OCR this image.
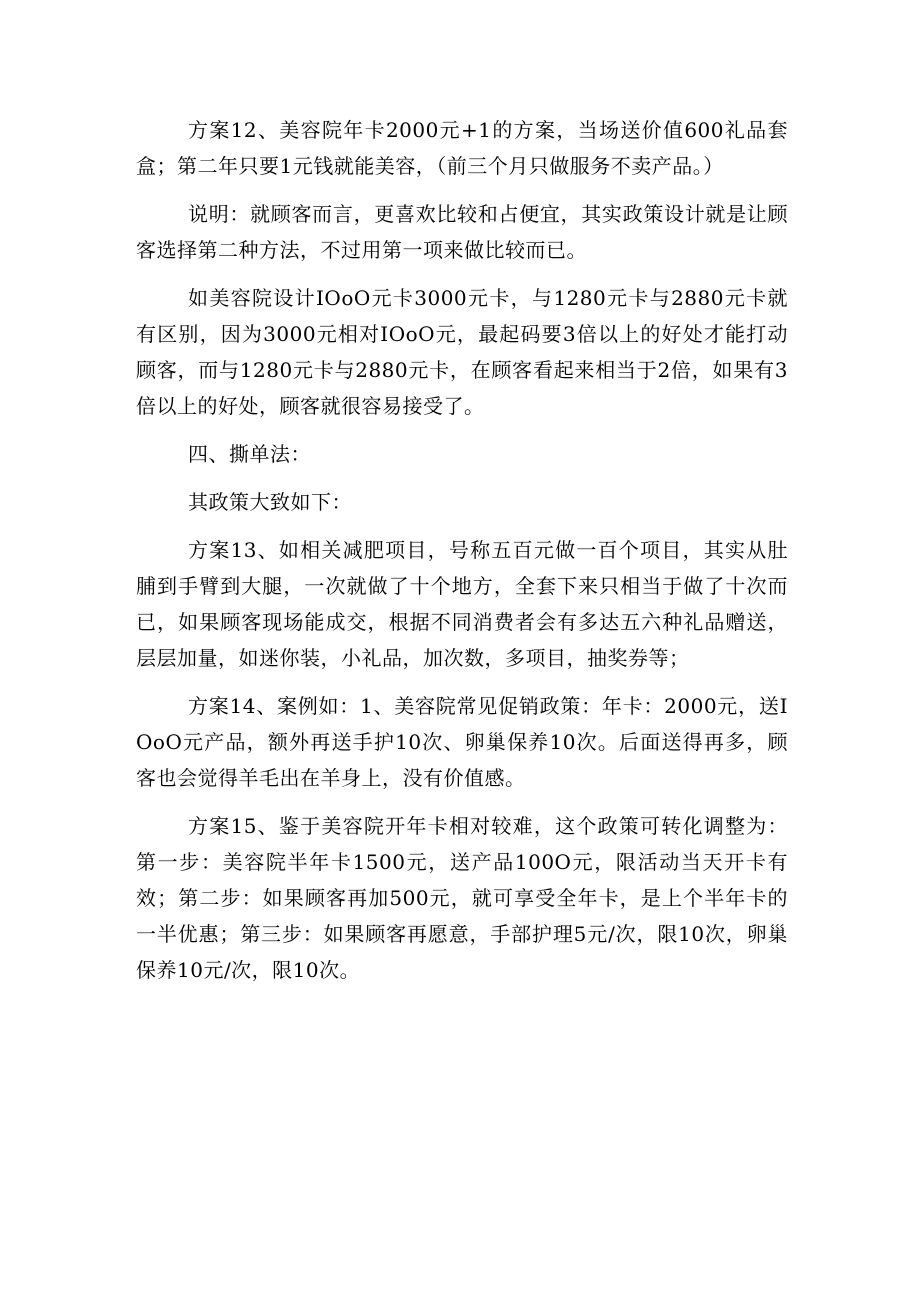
方案12、美容院年卡2000元+1的方案，当场送价值600礼品套盒；第二年只要1元钱就能美容，（前三个月只做服务不卖产品。）

说明：就顾客而言，更喜欢比较和占便宜，其实政策设计就是让顾客选择第二种方法，不过用第一项来做比较而已。

如美容院设计IOoO元卡3000元卡，与1280元卡与2880元卡就有区别，因为3000元相对IOoO元，最起码要3倍以上的好处才能打动顾客，而与1280元卡与2880元卡，在顾客看起来相当于2倍，如果有3倍以上的好处，顾客就很容易接受了。

四、撕单法：

其政策大致如下：

方案13、如相关减肥项目，号称五百元做一百个项目，其实从肚脯到手臂到大腿，一次就做了十个地方，全套下来只相当于做了十次而已，如果顾客现场能成交，根据不同消费者会有多达五六种礼品赠送，层层加量，如迷你装，小礼品，加次数，多项目，抽奖券等；

方案14、案例如：1、美容院常见促销政策：年卡：2000元，送IOoO元产品，额外再送手护10次、卵巢保养10次。后面送得再多，顾客也会觉得羊毛出在羊身上，没有价值感。

方案15、鉴于美容院开年卡相对较难，这个政策可转化调整为：第一步：美容院半年卡1500元，送产品100O元，限活动当天开卡有效；第二步：如果顾客再加500元，就可享受全年卡，是上个半年卡的一半优惠；第三步：如果顾客再愿意，手部护理5元/次，限10次，卵巢保养10元/次，限10次。
